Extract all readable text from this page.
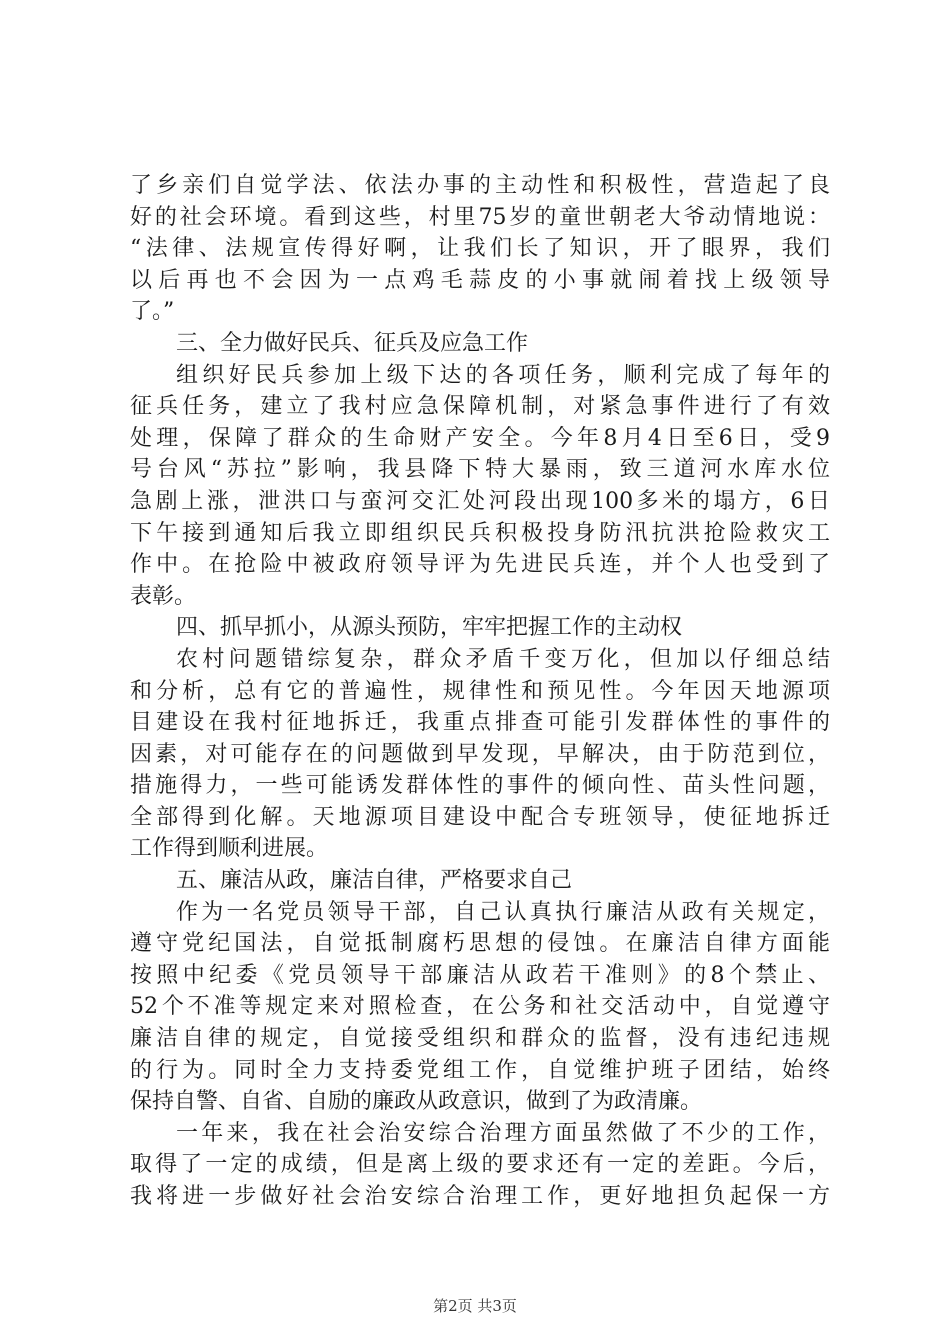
了乡亲们自觉学法、依法办事的主动性和积极性，营造起了良
好的社会环境。看到这些，村里75岁的童世朝老大爷动情地说：
“法律、法规宣传得好啊，让我们长了知识，开了眼界，我们
以后再也不会因为一点鸡毛蒜皮的小事就闹着找上级领导
了。”
三、全力做好民兵、征兵及应急工作
组织好民兵参加上级下达的各项任务，顺利完成了每年的
征兵任务，建立了我村应急保障机制，对紧急事件进行了有效
处理，保障了群众的生命财产安全。今年8月4日至6日，受9
号台风“苏拉”影响，我县降下特大暴雨，致三道河水库水位
急剧上涨，泄洪口与蛮河交汇处河段出现100多米的塌方，6日
下午接到通知后我立即组织民兵积极投身防汛抗洪抢险救灾工
作中。在抢险中被政府领导评为先进民兵连，并个人也受到了
表彰。
四、抓早抓小，从源头预防，牢牢把握工作的主动权
农村问题错综复杂，群众矛盾千变万化，但加以仔细总结
和分析，总有它的普遍性，规律性和预见性。今年因天地源项
目建设在我村征地拆迁，我重点排查可能引发群体性的事件的
因素，对可能存在的问题做到早发现，早解决，由于防范到位，
措施得力，一些可能诱发群体性的事件的倾向性、苗头性问题，
全部得到化解。天地源项目建设中配合专班领导，使征地拆迁
工作得到顺利进展。
五、廉洁从政，廉洁自律，严格要求自己
作为一名党员领导干部，自己认真执行廉洁从政有关规定，
遵守党纪国法，自觉抵制腐朽思想的侵蚀。在廉洁自律方面能
按照中纪委《党员领导干部廉洁从政若干准则》的8个禁止、
52个不准等规定来对照检查，在公务和社交活动中，自觉遵守
廉洁自律的规定，自觉接受组织和群众的监督，没有违纪违规
的行为。同时全力支持委党组工作，自觉维护班子团结，始终
保持自警、自省、自励的廉政从政意识，做到了为政清廉。
一年来，我在社会治安综合治理方面虽然做了不少的工作，
取得了一定的成绩，但是离上级的要求还有一定的差距。今后，
我将进一步做好社会治安综合治理工作，更好地担负起保一方
第2页 共3页
